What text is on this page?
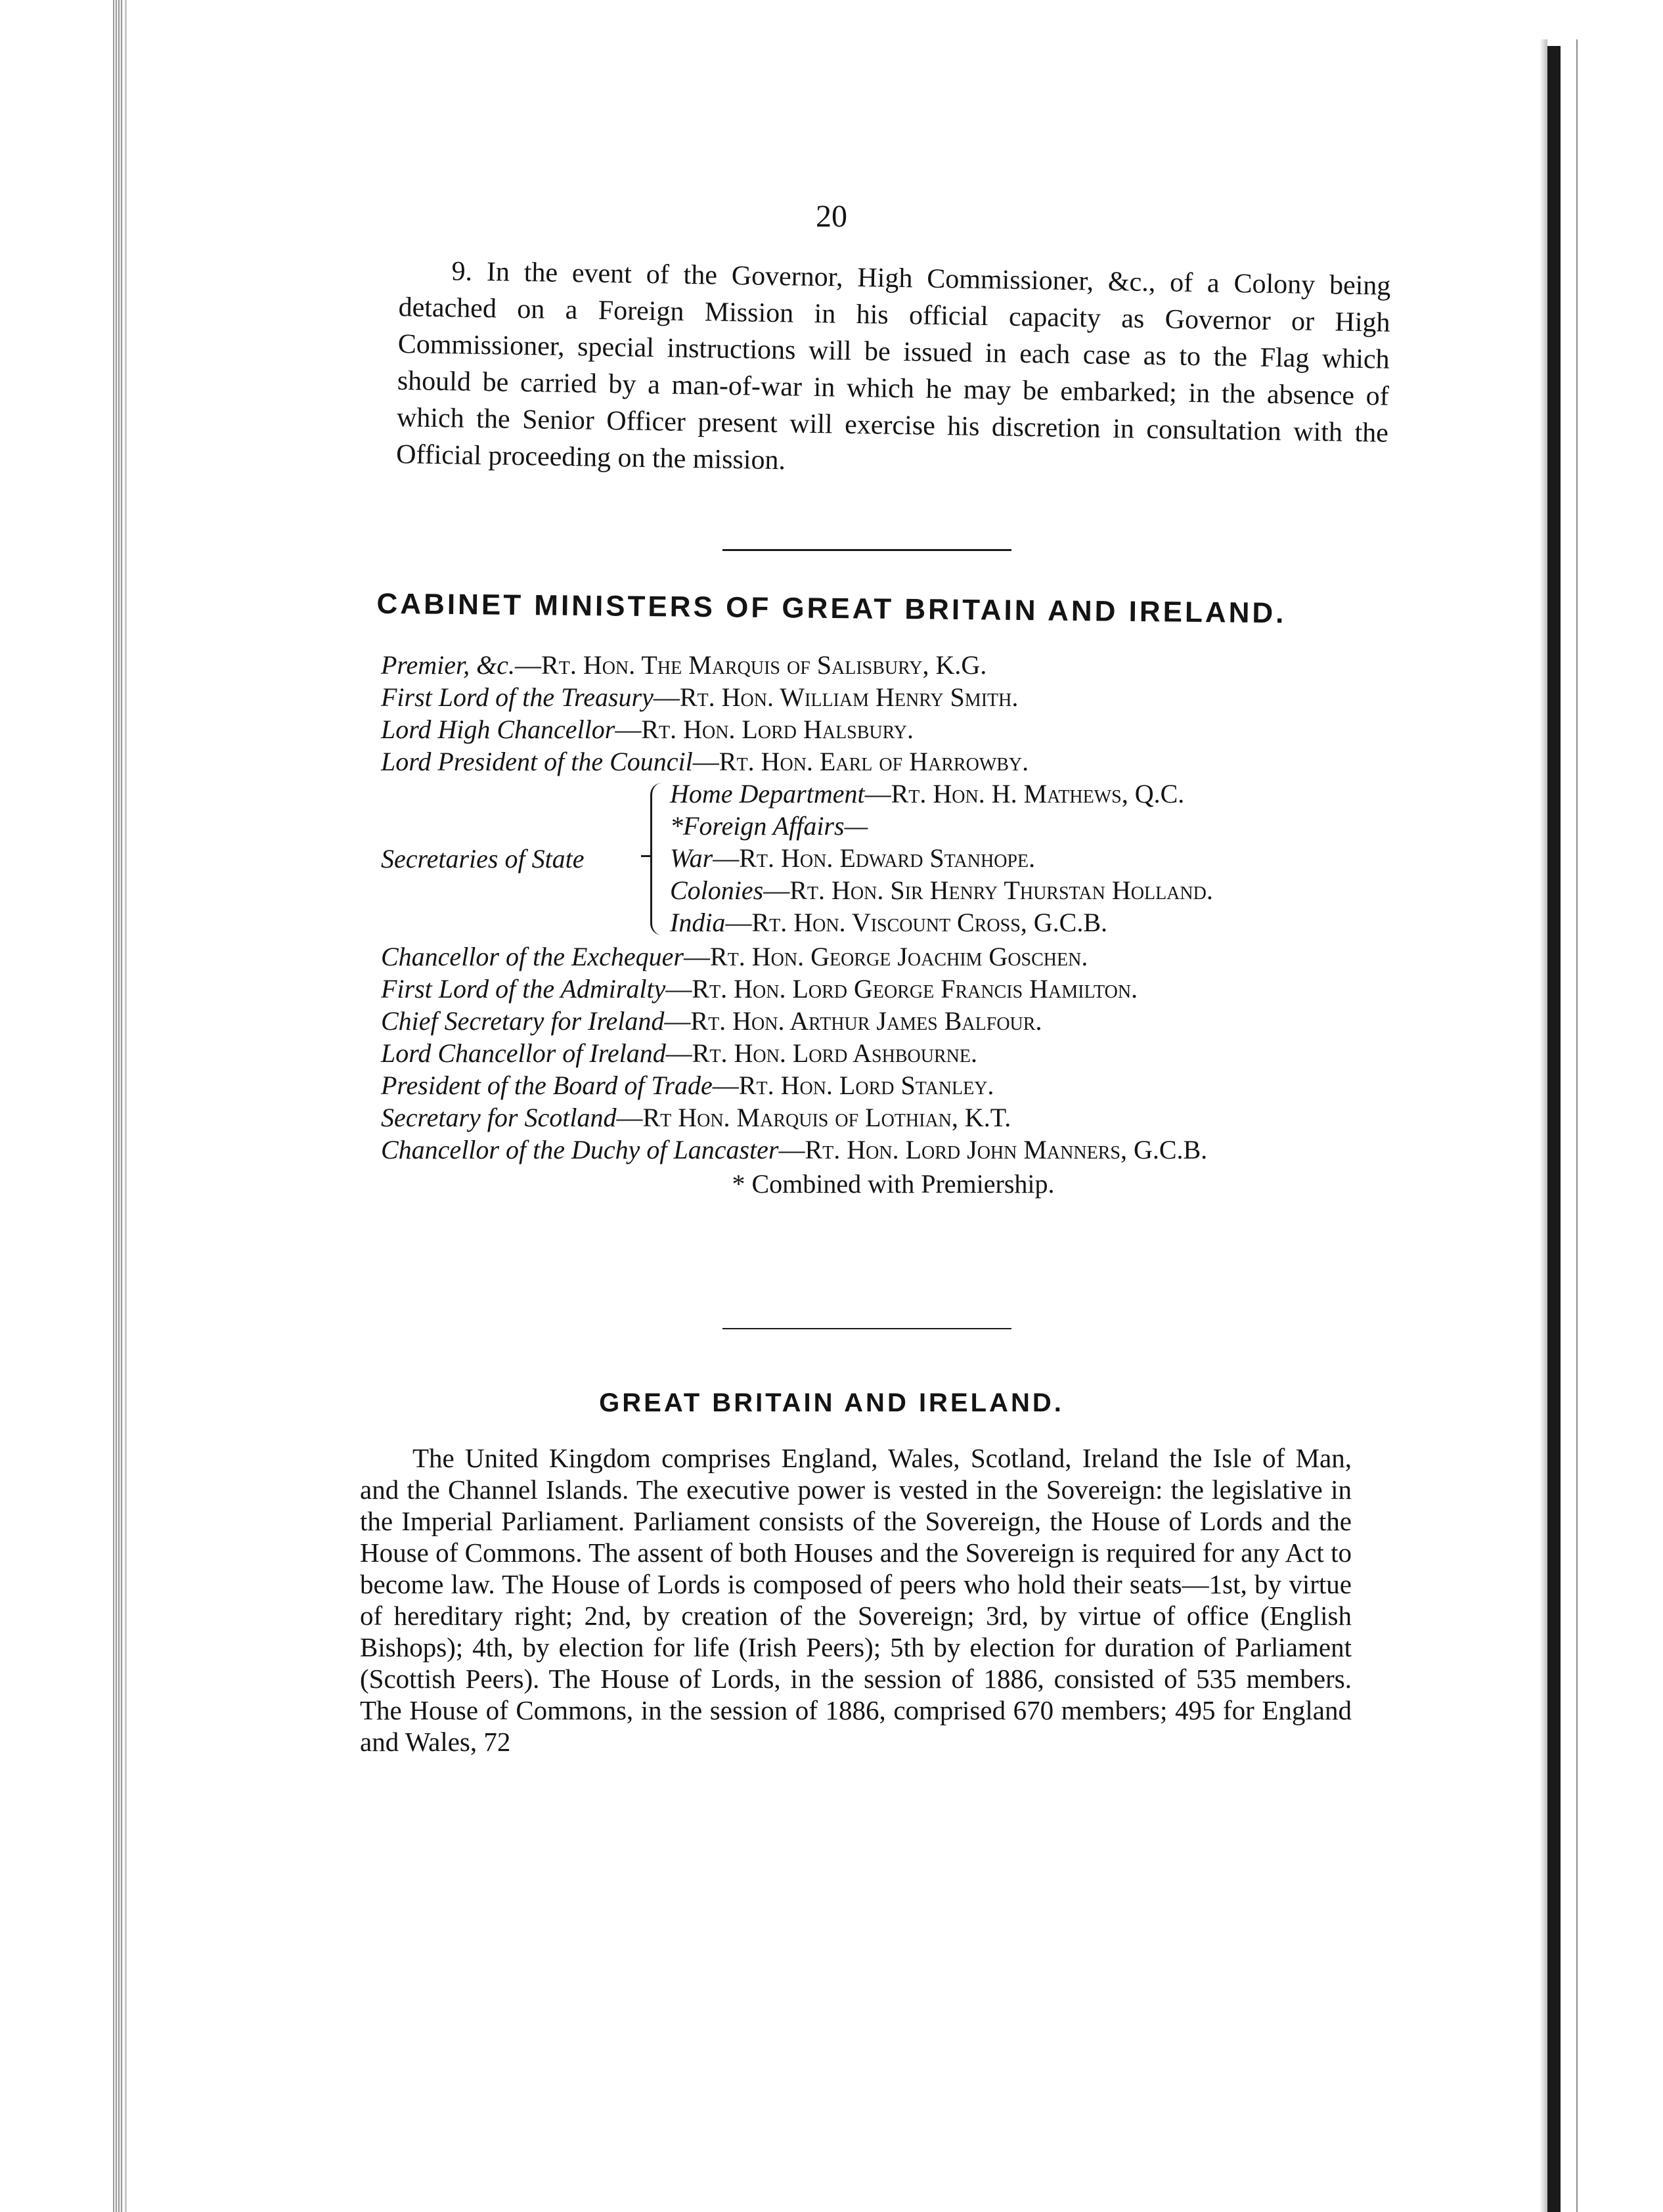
20

9. In the event of the Governor, High Commissioner, &c., of a Colony being detached on a Foreign Mission in his official capacity as Governor or High Commissioner, special instructions will be issued in each case as to the Flag which should be carried by a man-of-war in which he may be embarked; in the absence of which the Senior Officer present will exercise his discretion in consultation with the Official proceeding on the mission.

CABINET MINISTERS OF GREAT BRITAIN AND IRELAND.
Premier, &c.—Rt. Hon. The Marquis of Salisbury, K.G.
First Lord of the Treasury—Rt. Hon. William Henry Smith.
Lord High Chancellor—Rt. Hon. Lord Halsbury.
Lord President of the Council—Rt. Hon. Earl of Harrowby.
Secretaries of State
Home Department—Rt. Hon. H. Mathews, Q.C.
*Foreign Affairs—
War—Rt. Hon. Edward Stanhope.
Colonies—Rt. Hon. Sir Henry Thurstan Holland.
India—Rt. Hon. Viscount Cross, G.C.B.
Chancellor of the Exchequer—Rt. Hon. George Joachim Goschen.
First Lord of the Admiralty—Rt. Hon. Lord George Francis Hamilton.
Chief Secretary for Ireland—Rt. Hon. Arthur James Balfour.
Lord Chancellor of Ireland—Rt. Hon. Lord Ashbourne.
President of the Board of Trade—Rt. Hon. Lord Stanley.
Secretary for Scotland—Rt Hon. Marquis of Lothian, K.T.
Chancellor of the Duchy of Lancaster—Rt. Hon. Lord John Manners, G.C.B.
* Combined with Premiership.
GREAT BRITAIN AND IRELAND.

The United Kingdom comprises England, Wales, Scotland, Ireland the Isle of Man, and the Channel Islands. The executive power is vested in the Sovereign: the legislative in the Imperial Parliament. Parliament consists of the Sovereign, the House of Lords and the House of Commons. The assent of both Houses and the Sovereign is required for any Act to become law. The House of Lords is composed of peers who hold their seats—1st, by virtue of hereditary right; 2nd, by creation of the Sovereign; 3rd, by virtue of office (English Bishops); 4th, by election for life (Irish Peers); 5th by election for duration of Parliament (Scottish Peers). The House of Lords, in the session of 1886, consisted of 535 members. The House of Commons, in the session of 1886, comprised 670 members; 495 for England and Wales, 72
